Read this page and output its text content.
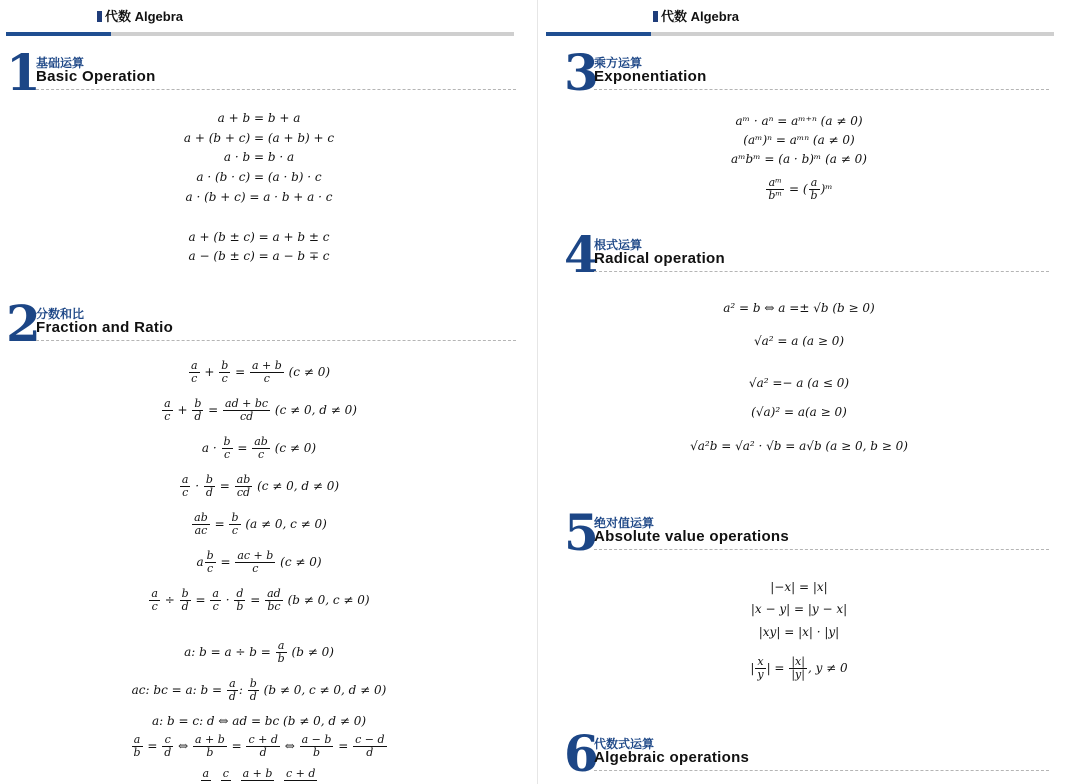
代数 Algebra
1
基础运算
Basic Operation
a + b = b + a
a + (b + c) = (a + b) + c
a · b = b · a
a · (b · c) = (a · b) · c
a · (b + c) = a · b + a · c
a + (b ± c) = a + b ± c
a − (b ± c) = a − b ∓ c
2
分数和比
Fraction and Ratio
$\frac{a}{c} + \frac{b}{c} = \frac{a + b}{c} (c \ne 0)$
$\frac{a}{c} + \frac{b}{d} = \frac{ad + bc}{cd} (c \ne 0$, d ≠ 0)
$a \cdot \frac{b}{c} = \frac{ab}{c} (c \ne 0)$
$\frac{a}{c} \cdot \frac{b}{d} = \frac{ab}{cd} (c \ne 0$, d ≠ 0)
$\frac{ab}{ac} = \frac{b}{c} (a \ne 0$, c ≠ 0)
a $\frac{b}{c} = \frac{ac + b}{c} (c \ne 0)$
$\frac{a}{c} \div \frac{b}{d} = \frac{a}{c} \cdot \frac{d}{b} = \frac{ad}{bc} (b \ne 0$, c ≠ 0)
a: $b = a \div b = \frac{a}{b} (b \ne 0)$
ac: bc = a: $b = \frac{a}{d}$ : $\frac{b}{d} (b \ne 0$, c ≠ 0, d ≠ 0)
a: b = c: d ⇔ ad = bc (b ≠ 0, d ≠ 0)
$\frac{a}{b} = \frac{c}{d}$ ⇔ $\frac{a + b}{b} = \frac{c + d}{d}$ ⇔ $\frac{a - b}{b} = \frac{c - d}{d}$
a

c

a + b

c + d

代数 Algebra
3
乘方运算
Exponentiation
aᵐ · aⁿ = aᵐ⁺ⁿ (a ≠ 0)
(aᵐ)ⁿ = aᵐⁿ (a ≠ 0)
aᵐbᵐ = (a · b)ᵐ (a ≠ 0)
$\frac{\text{aᵐ}}{\text{bᵐ}}$ = ( $\frac{a}{b}$ )ᵐ
4
根式运算
Radical operation
a² = b ⇔ a =± √b (b ≥ 0)
√a² = a (a ≥ 0)
√a² =− a (a ≤ 0)
(√a)² = a(a ≥ 0)
√a²b = √a² · √b = a√b (a ≥ 0, b ≥ 0)
5
绝对值运算
Absolute value operations
|−x| = |x|
|x − y| = |y − x|
|xy| = |x| · |y|
| $\frac{x}{y}$ | = $\frac{|x|}{|y|}$ , y ≠ 0
6
代数式运算
Algebraic operations
